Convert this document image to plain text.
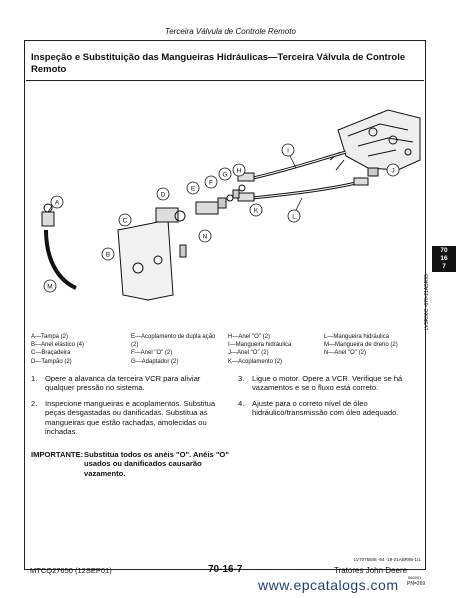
Terceira Válvula de Controle Remoto
Inspeção e Substituição das Mangueiras Hidráulicas—Terceira Válvula de Controle Remoto
A
B
C
D
E
F
G
H
I
J
K
L
M
N
A—Tampa (2)
B—Anel elástico (4)
C—Braçadeira
D—Tampão (2)
E—Acoplamento de dupla ação (2)
F—Anel "O" (2)
G—Adaptador (2)
H—Anel "O" (2)
I—Mangueira hidráulica
J—Anel "O" (2)
K—Acoplamento (2)
L—Mangueira hidráulica
M—Mangueira de dreno (2)
N—Anel "O" (2)
1. Opere a alavanca da terceira VCR para aliviar qualquer pressão no sistema.
2. Inspecione mangueiras e acoplamentos. Substitua peças desgastadas ou danificadas. Substitua as mangueiras que estão rachadas, amolecidas ou inchadas.
3. Ligue o motor. Opere a VCR. Verifique se há vazamentos e se o fluxo está correto.
4. Ajuste para o correto nível de óleo hidráulico/transmissão com óleo adequado.
IMPORTANTE: Substitua todos os anéis "O". Anéis "O" usados ou danificados causarão vazamento.
70
16
7
LV5R06C -070-21ABR95
LV7075848 -64 -19-21ABR95-1/1
MTCQ27650 (12SEP01)	70-16-7	Tratores John Deere
060201
PN=269
www.epcatalogs.com
